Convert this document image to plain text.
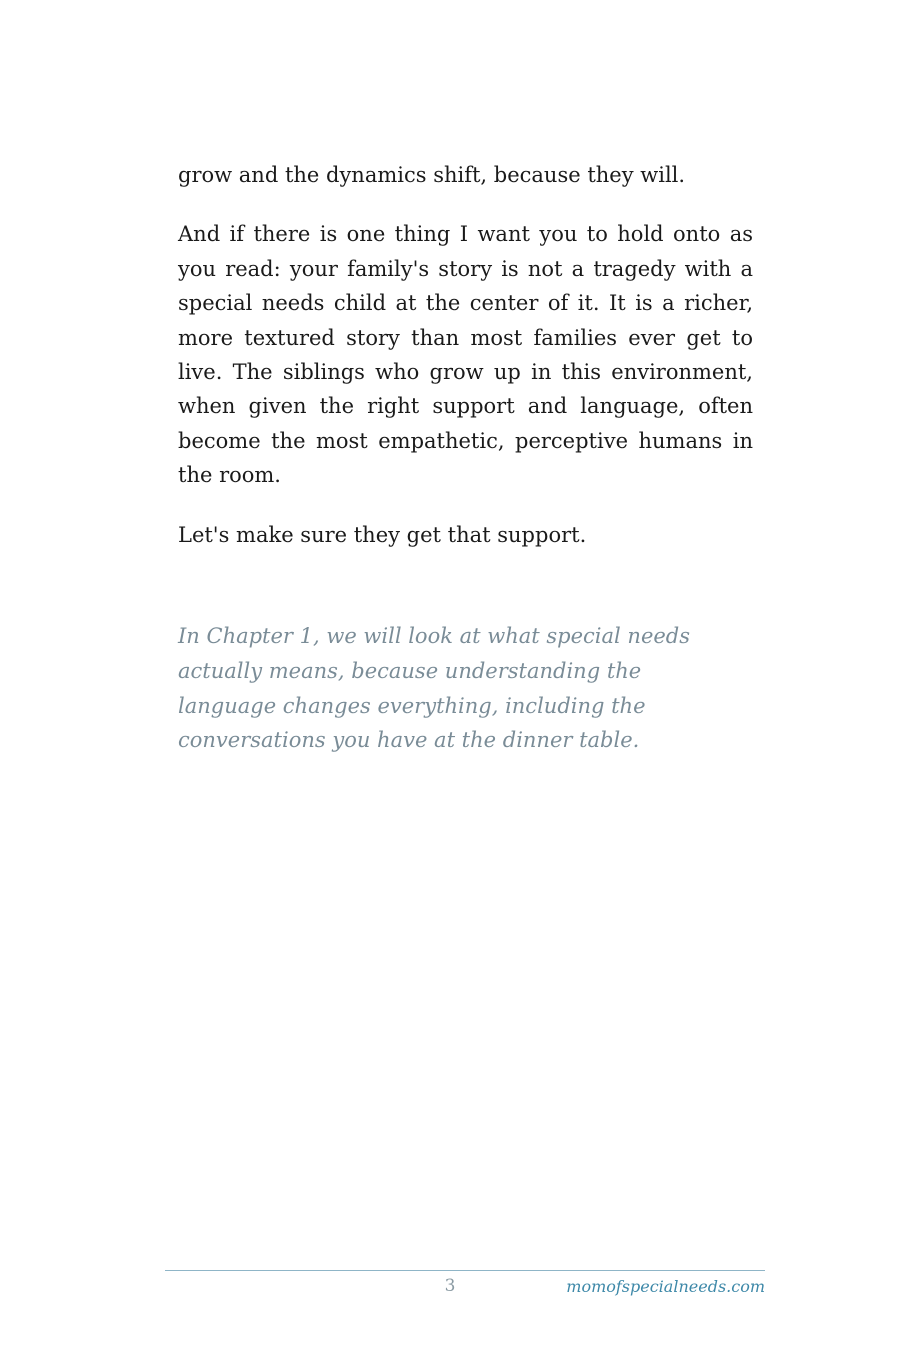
grow and the dynamics shift, because they will.

And if there is one thing I want you to hold onto as you read: your family's story is not a tragedy with a special needs child at the center of it. It is a richer, more textured story than most families ever get to live. The siblings who grow up in this environment, when given the right support and language, often become the most empathetic, perceptive humans in the room.

Let's make sure they get that support.

In Chapter 1, we will look at what special needs actually means, because understanding the language changes everything, including the conversations you have at the dinner table.

3	momofspecialneeds.com
